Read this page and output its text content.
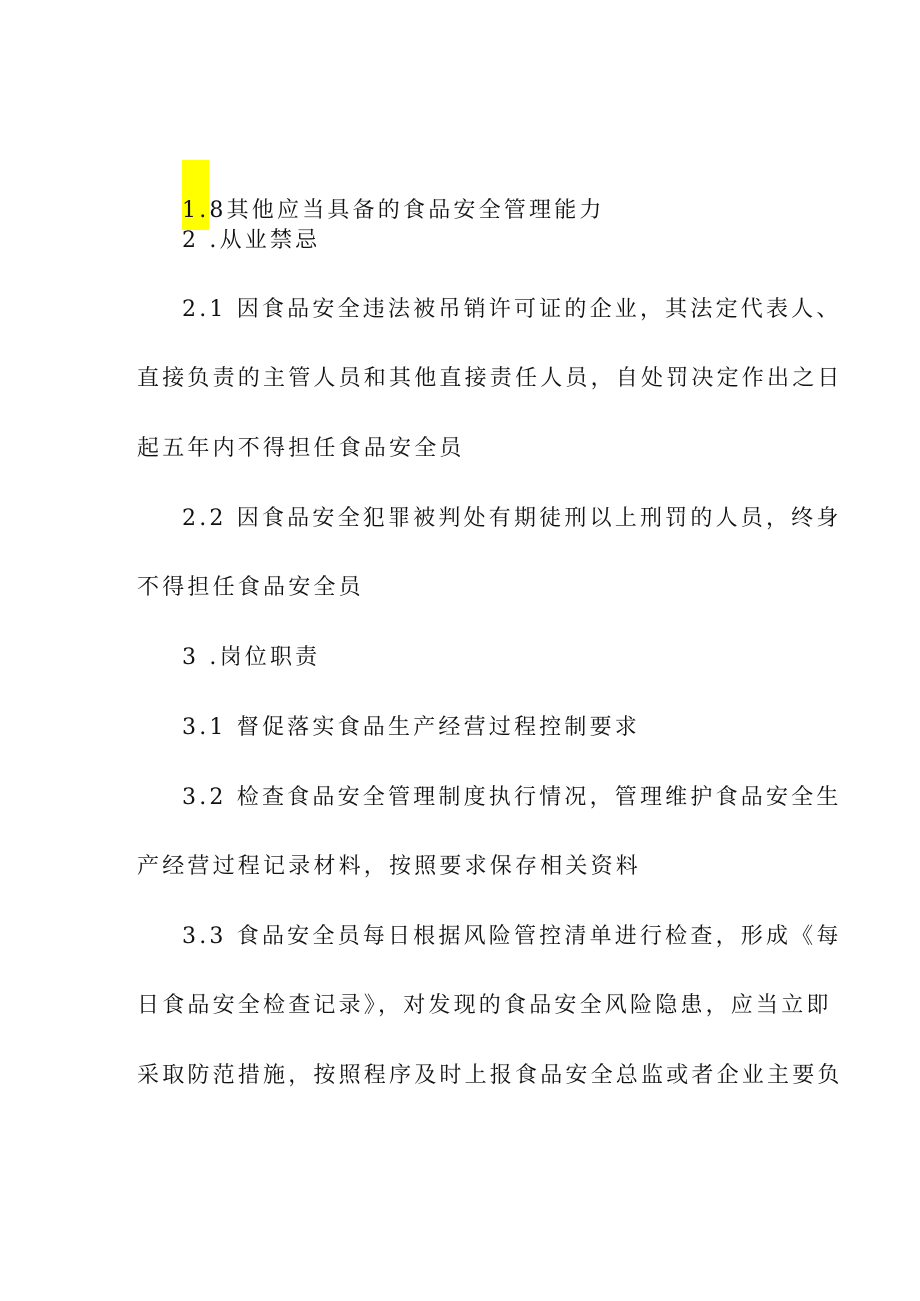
1.8其他应当具备的食品安全管理能力
2 .从业禁忌
2.1 因食品安全违法被吊销许可证的企业，其法定代表人、
直接负责的主管人员和其他直接责任人员，自处罚决定作出之日
起五年内不得担任食品安全员
2.2 因食品安全犯罪被判处有期徒刑以上刑罚的人员，终身
不得担任食品安全员
3 .岗位职责
3.1 督促落实食品生产经营过程控制要求
3.2 检查食品安全管理制度执行情况，管理维护食品安全生
产经营过程记录材料，按照要求保存相关资料
3.3 食品安全员每日根据风险管控清单进行检查，形成《每
日食品安全检查记录》，对发现的食品安全风险隐患，应当立即
采取防范措施，按照程序及时上报食品安全总监或者企业主要负
